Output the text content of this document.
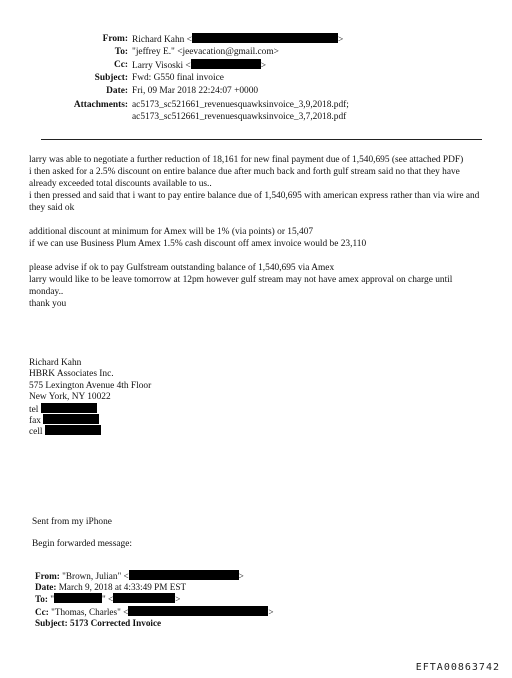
From: Richard Kahn <	>
To: "jeffrey E." <jeevacation@gmail.com>
Cc: Larry Visoski <	>
Subject: Fwd: G550 final invoice
Date: Fri, 09 Mar 2018 22:24:07 +0000
Attachments: ac5173_sc521661_revenuesquawksinvoice_3,9,2018.pdf;
ac5173_sc512661_revenuesquawksinvoice_3,7,2018.pdf

larry was able to negotiate a further reduction of 18,161 for new final payment due of 1,540,695 (see attached PDF)

i then asked for a 2.5% discount on entire balance due after much back and forth gulf stream said no that they have already exceeded total discounts available to us..

i then pressed and said that i want to pay entire balance due of 1,540,695 with american express rather than via wire and they said ok

additional discount at minimum for Amex will be 1% (via points) or 15,407

if we can use Business Plum Amex 1.5% cash discount off amex invoice would be 23,110

please advise if ok to pay Gulfstream outstanding balance of 1,540,695 via Amex

larry would like to be leave tomorrow at 12pm however gulf stream may not have amex approval on charge until monday..

thank you

Richard Kahn
HBRK Associates Inc.
575 Lexington Avenue 4th Floor
New York, NY 10022
tel
fax
cell
Sent from my iPhone
Begin forwarded message:
From: "Brown, Julian" <	>
Date: March 9, 2018 at 4:33:49 PM EST
To: "	" <	>
Cc: "Thomas, Charles" <	>
Subject: 5173 Corrected Invoice
EFTA00863742
